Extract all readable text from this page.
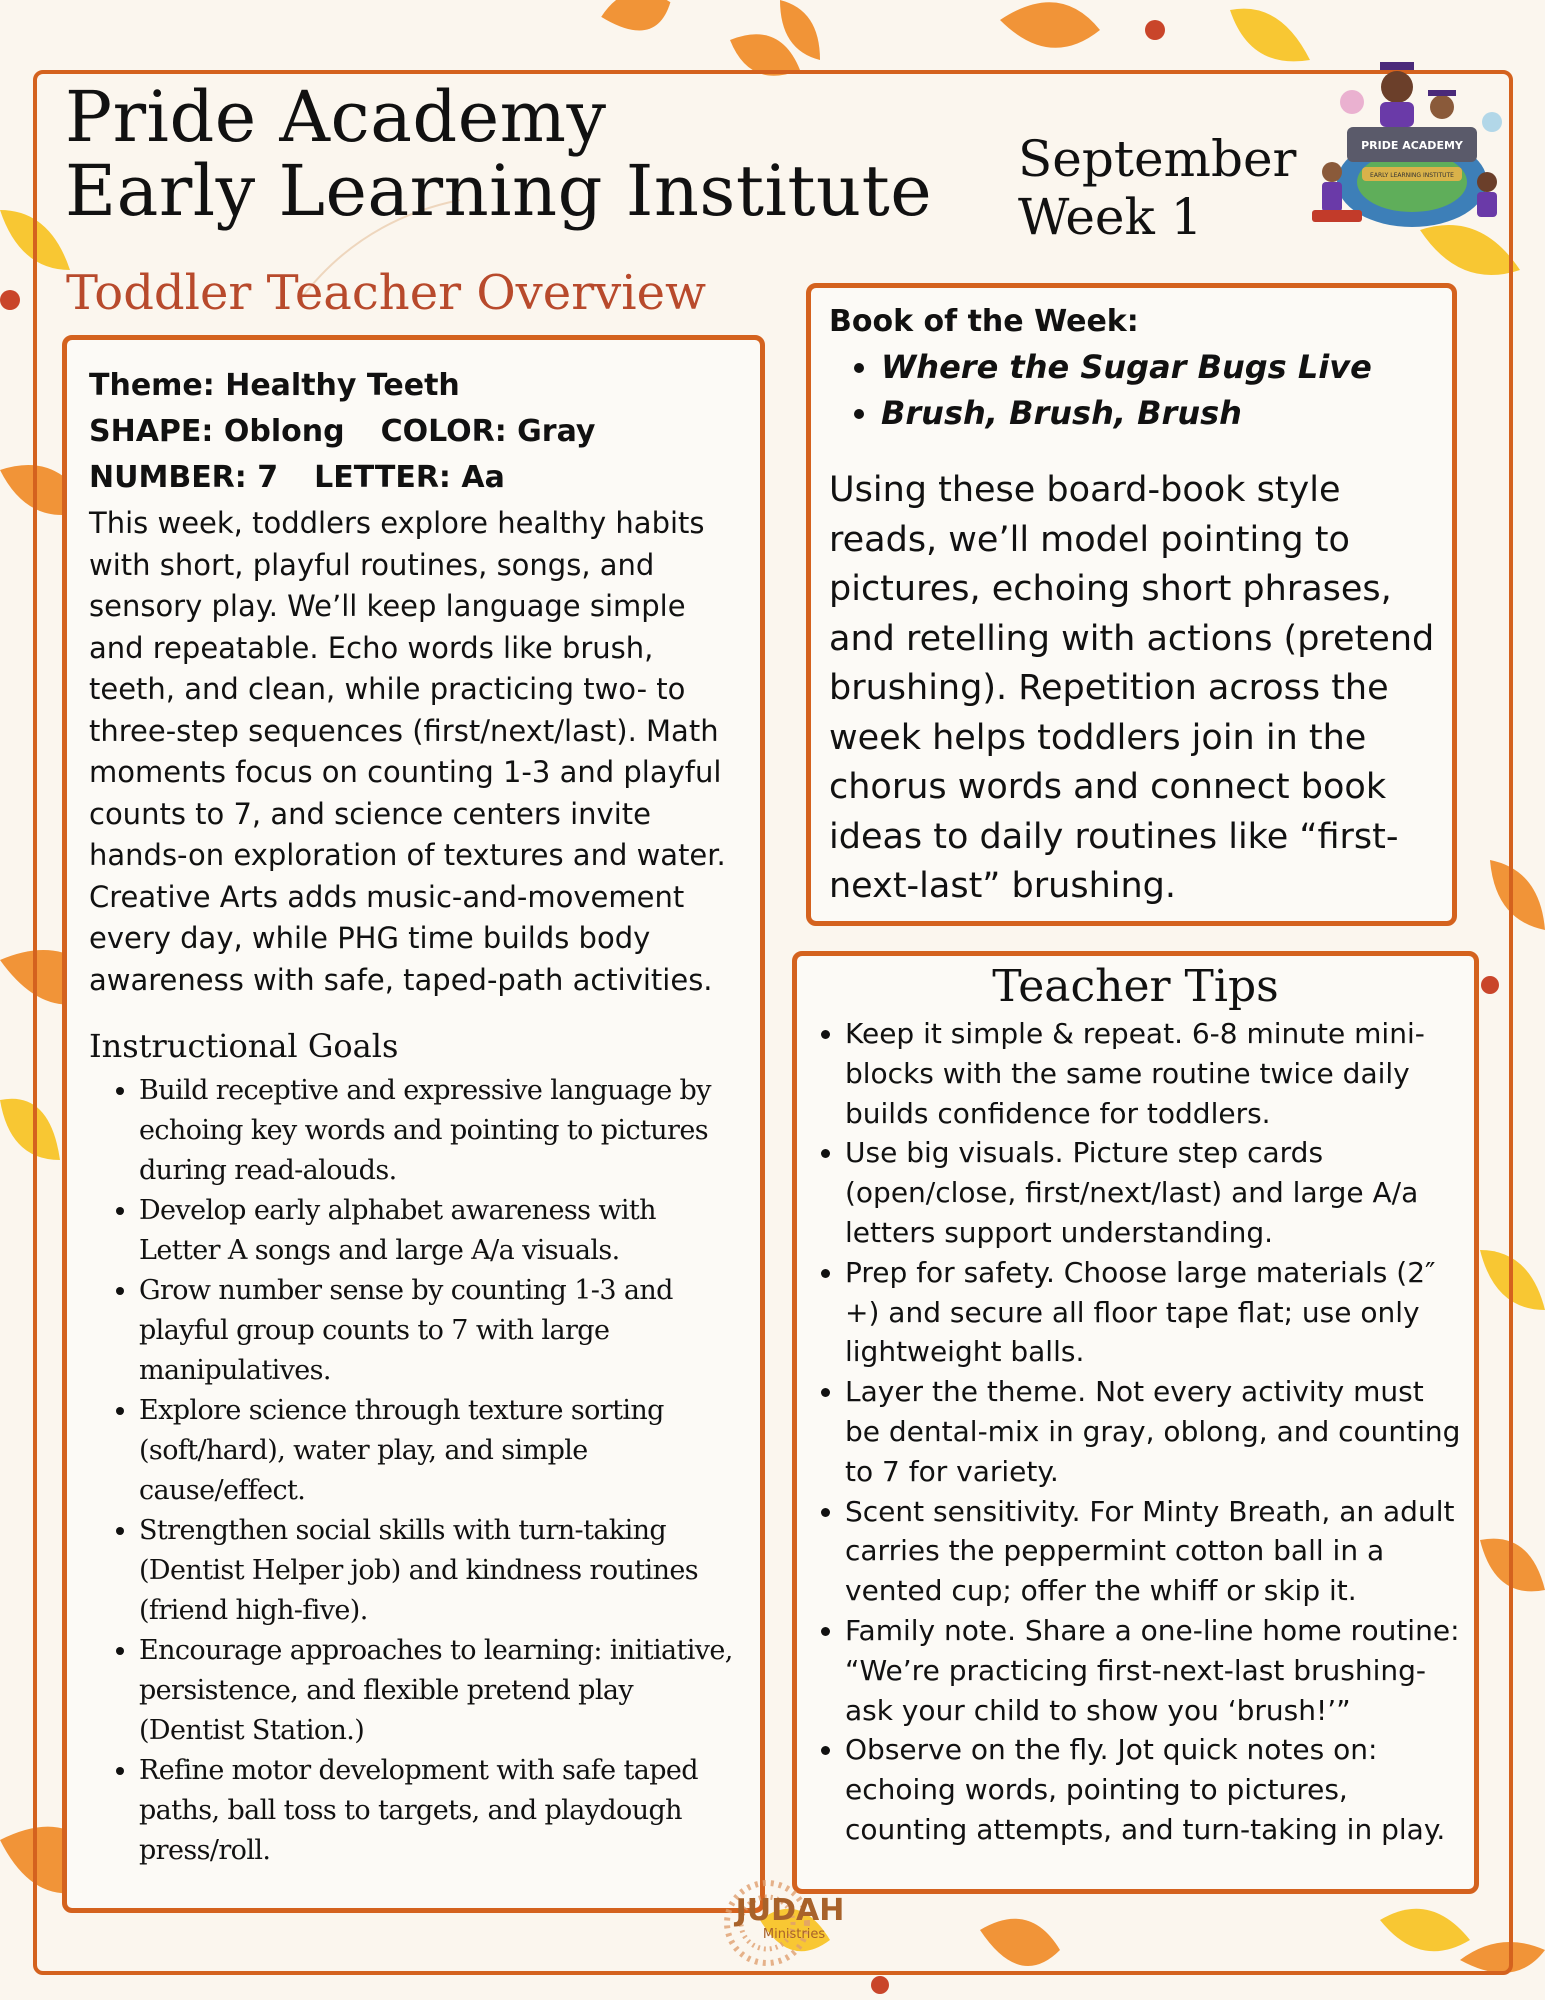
Pride Academy
Early Learning Institute September
Week 1
PRIDE ACADEMY
EARLY LEARNING INSTITUTE
Toddler Teacher Overview
Theme: Healthy Teeth
SHAPE: Oblong COLOR: Gray
NUMBER: 7 LETTER: Aa
This week, toddlers explore healthy habits with short, playful routines, songs, and sensory play. We’ll keep language simple and repeatable. Echo words like brush, teeth, and clean, while practicing two- to three-step sequences (first/next/last). Math moments focus on counting 1-3 and playful counts to 7, and science centers invite hands-on exploration of textures and water. Creative Arts adds music-and-movement every day, while PHG time builds body awareness with safe, taped-path activities.
Instructional Goals
• Build receptive and expressive language by echoing key words and pointing to pictures during read-alouds.
• Develop early alphabet awareness with Letter A songs and large A/a visuals.
• Grow number sense by counting 1-3 and playful group counts to 7 with large manipulatives.
• Explore science through texture sorting (soft/hard), water play, and simple cause/effect.
• Strengthen social skills with turn-taking (Dentist Helper job) and kindness routines (friend high-five).
• Encourage approaches to learning: initiative, persistence, and flexible pretend play (Dentist Station.)
• Refine motor development with safe taped paths, ball toss to targets, and playdough press/roll.
Book of the Week:
• Where the Sugar Bugs Live
• Brush, Brush, Brush
Using these board-book style reads, we’ll model pointing to pictures, echoing short phrases, and retelling with actions (pretend brushing). Repetition across the week helps toddlers join in the chorus words and connect book ideas to daily routines like “first-next-last” brushing.
Teacher Tips
• Keep it simple & repeat. 6-8 minute mini-blocks with the same routine twice daily builds confidence for toddlers.
• Use big visuals. Picture step cards (open/close, first/next/last) and large A/a letters support understanding.
• Prep for safety. Choose large materials (2″ +) and secure all floor tape flat; use only lightweight balls.
• Layer the theme. Not every activity must be dental-mix in gray, oblong, and counting to 7 for variety.
• Scent sensitivity. For Minty Breath, an adult carries the peppermint cotton ball in a vented cup; offer the whiff or skip it.
• Family note. Share a one-line home routine: “We’re practicing first-next-last brushing-ask your child to show you ‘brush!’”
• Observe on the fly. Jot quick notes on: echoing words, pointing to pictures, counting attempts, and turn-taking in play.
JUDAH
Ministries
